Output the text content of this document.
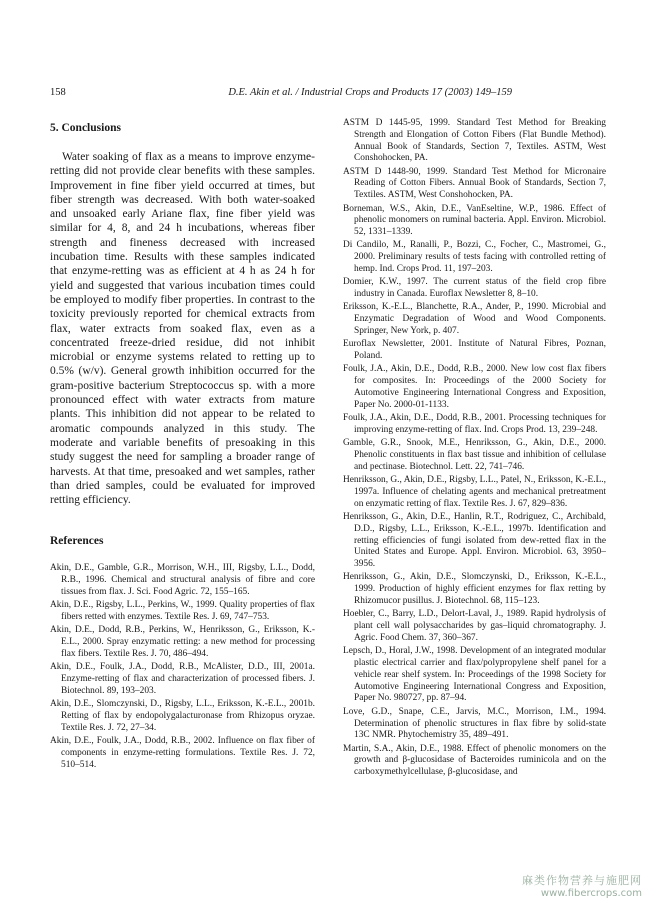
158	D.E. Akin et al. / Industrial Crops and Products 17 (2003) 149–159
5. Conclusions

Water soaking of flax as a means to improve enzyme-retting did not provide clear benefits with these samples. Improvement in fine fiber yield occurred at times, but fiber strength was decreased. With both water-soaked and unsoaked early Ariane flax, fine fiber yield was similar for 4, 8, and 24 h incubations, whereas fiber strength and fineness decreased with increased incubation time. Results with these samples indicated that enzyme-retting was as efficient at 4 h as 24 h for yield and suggested that various incubation times could be employed to modify fiber properties. In contrast to the toxicity previously reported for chemical extracts from flax, water extracts from soaked flax, even as a concentrated freeze-dried residue, did not inhibit microbial or enzyme systems related to retting up to 0.5% (w/v). General growth inhibition occurred for the gram-positive bacterium Streptococcus sp. with a more pronounced effect with water extracts from mature plants. This inhibition did not appear to be related to aromatic compounds analyzed in this study. The moderate and variable benefits of presoaking in this study suggest the need for sampling a broader range of harvests. At that time, presoaked and wet samples, rather than dried samples, could be evaluated for improved retting efficiency.

References

Akin, D.E., Gamble, G.R., Morrison, W.H., III, Rigsby, L.L., Dodd, R.B., 1996. Chemical and structural analysis of fibre and core tissues from flax. J. Sci. Food Agric. 72, 155–165.

Akin, D.E., Rigsby, L.L., Perkins, W., 1999. Quality properties of flax fibers retted with enzymes. Textile Res. J. 69, 747–753.

Akin, D.E., Dodd, R.B., Perkins, W., Henriksson, G., Eriksson, K.-E.L., 2000. Spray enzymatic retting: a new method for processing flax fibers. Textile Res. J. 70, 486–494.

Akin, D.E., Foulk, J.A., Dodd, R.B., McAlister, D.D., III, 2001a. Enzyme-retting of flax and characterization of processed fibers. J. Biotechnol. 89, 193–203.

Akin, D.E., Slomczynski, D., Rigsby, L.L., Eriksson, K.-E.L., 2001b. Retting of flax by endopolygalacturonase from Rhizopus oryzae. Textile Res. J. 72, 27–34.

Akin, D.E., Foulk, J.A., Dodd, R.B., 2002. Influence on flax fiber of components in enzyme-retting formulations. Textile Res. J. 72, 510–514.

ASTM D 1445-95, 1999. Standard Test Method for Breaking Strength and Elongation of Cotton Fibers (Flat Bundle Method). Annual Book of Standards, Section 7, Textiles. ASTM, West Conshohocken, PA.

ASTM D 1448-90, 1999. Standard Test Method for Micronaire Reading of Cotton Fibers. Annual Book of Standards, Section 7, Textiles. ASTM, West Conshohocken, PA.

Borneman, W.S., Akin, D.E., VanEseltine, W.P., 1986. Effect of phenolic monomers on ruminal bacteria. Appl. Environ. Microbiol. 52, 1331–1339.

Di Candilo, M., Ranalli, P., Bozzi, C., Focher, C., Mastromei, G., 2000. Preliminary results of tests facing with controlled retting of hemp. Ind. Crops Prod. 11, 197–203.

Domier, K.W., 1997. The current status of the field crop fibre industry in Canada. Euroflax Newsletter 8, 8–10.

Eriksson, K.-E.L., Blanchette, R.A., Ander, P., 1990. Microbial and Enzymatic Degradation of Wood and Wood Components. Springer, New York, p. 407.

Euroflax Newsletter, 2001. Institute of Natural Fibres, Poznan, Poland.

Foulk, J.A., Akin, D.E., Dodd, R.B., 2000. New low cost flax fibers for composites. In: Proceedings of the 2000 Society for Automotive Engineering International Congress and Exposition, Paper No. 2000-01-1133.

Foulk, J.A., Akin, D.E., Dodd, R.B., 2001. Processing techniques for improving enzyme-retting of flax. Ind. Crops Prod. 13, 239–248.

Gamble, G.R., Snook, M.E., Henriksson, G., Akin, D.E., 2000. Phenolic constituents in flax bast tissue and inhibition of cellulase and pectinase. Biotechnol. Lett. 22, 741–746.

Henriksson, G., Akin, D.E., Rigsby, L.L., Patel, N., Eriksson, K.-E.L., 1997a. Influence of chelating agents and mechanical pretreatment on enzymatic retting of flax. Textile Res. J. 67, 829–836.

Henriksson, G., Akin, D.E., Hanlin, R.T., Rodriguez, C., Archibald, D.D., Rigsby, L.L., Eriksson, K.-E.L., 1997b. Identification and retting efficiencies of fungi isolated from dew-retted flax in the United States and Europe. Appl. Environ. Microbiol. 63, 3950–3956.

Henriksson, G., Akin, D.E., Slomczynski, D., Eriksson, K.-E.L., 1999. Production of highly efficient enzymes for flax retting by Rhizomucor pusillus. J. Biotechnol. 68, 115–123.

Hoebler, C., Barry, L.D., Delort-Laval, J., 1989. Rapid hydrolysis of plant cell wall polysaccharides by gas–liquid chromatography. J. Agric. Food Chem. 37, 360–367.

Lepsch, D., Horal, J.W., 1998. Development of an integrated modular plastic electrical carrier and flax/polypropylene shelf panel for a vehicle rear shelf system. In: Proceedings of the 1998 Society for Automotive Engineering International Congress and Exposition, Paper No. 980727, pp. 87–94.

Love, G.D., Snape, C.E., Jarvis, M.C., Morrison, I.M., 1994. Determination of phenolic structures in flax fibre by solid-state 13C NMR. Phytochemistry 35, 489–491.

Martin, S.A., Akin, D.E., 1988. Effect of phenolic monomers on the growth and β-glucosidase of Bacteroides ruminicola and on the carboxymethylcellulase, β-glucosidase, and

麻类作物营养与施肥网
www.fibercrops.com
